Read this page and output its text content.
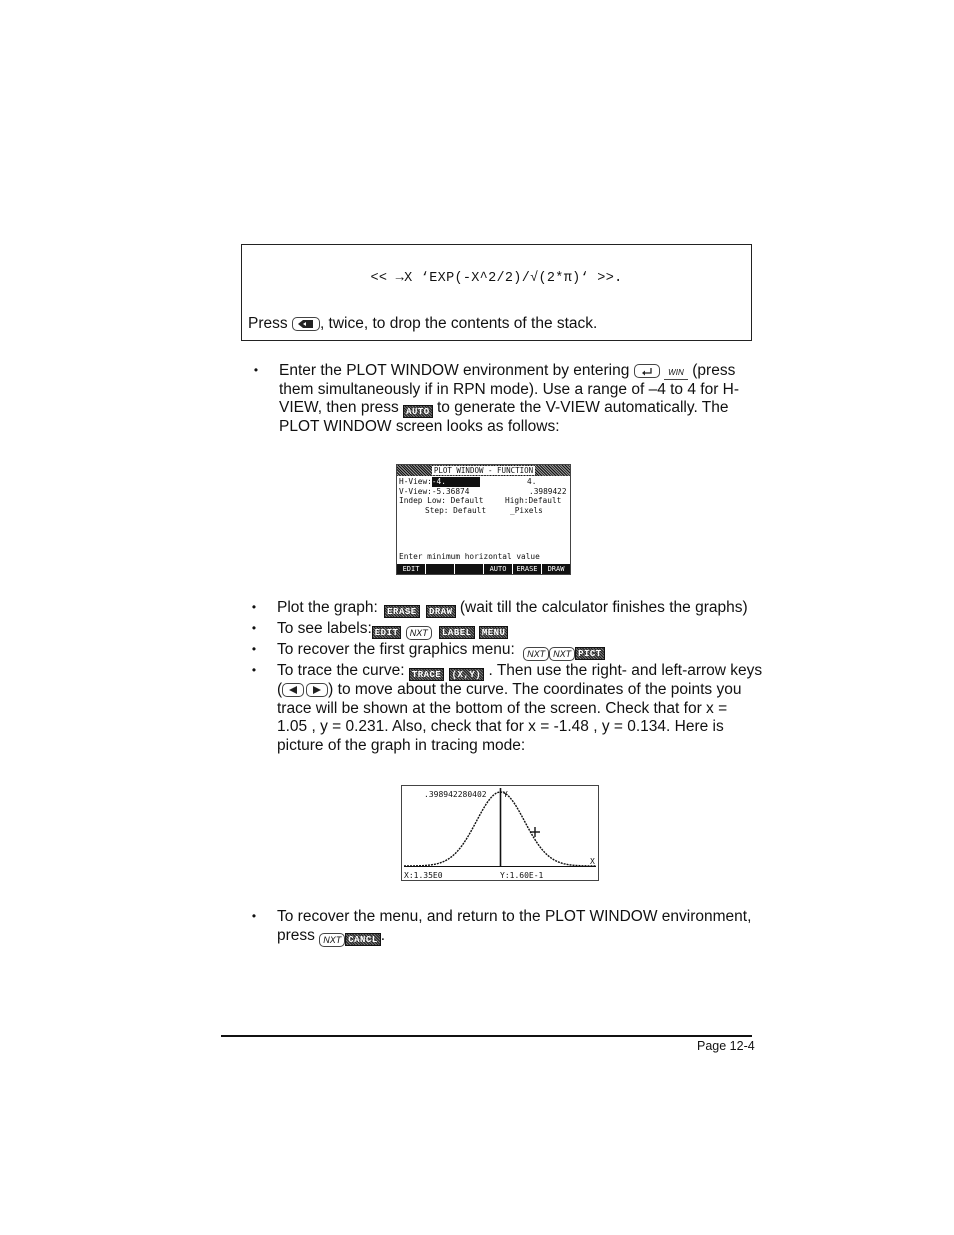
<< →X ‘EXP(-X^2/2)/√(2*π)‘ >>.
Press , twice, to drop the contents of the stack.
• Enter the PLOT WINDOW environment by entering	WIN (press
them simultaneously if in RPN mode). Use a range of –4 to 4 for H-
VIEW, then press AUTO to generate the V-VIEW automatically. The
PLOT WINDOW screen looks as follows:
PLOT WINDOW - FUNCTION
H-View:-4.	4.
V-View:-5.36874	.3989422
Indep Low: Default	High:Default
Step: Default	_Pixels
Enter minimum horizontal value
EDIT	AUTO	ERASE	DRAW
• Plot the graph: ERASE DRAW (wait till the calculator finishes the graphs)
• To see labels: EDIT NXT LABEL MENU
• To recover the first graphics menu: NXT NXT PICT
• To trace the curve: TRACE (X,Y) . Then use the right- and left-arrow keys
(	) to move about the curve. The coordinates of the points you
trace will be shown at the bottom of the screen. Check that for x =
1.05 , y = 0.231. Also, check that for x = -1.48 , y = 0.134. Here is
picture of the graph in tracing mode:
.398942280402 Y
X
X:1.35E0	Y:1.60E-1
• To recover the menu, and return to the PLOT WINDOW environment,
press NXT CANCL .
Page 12-4
